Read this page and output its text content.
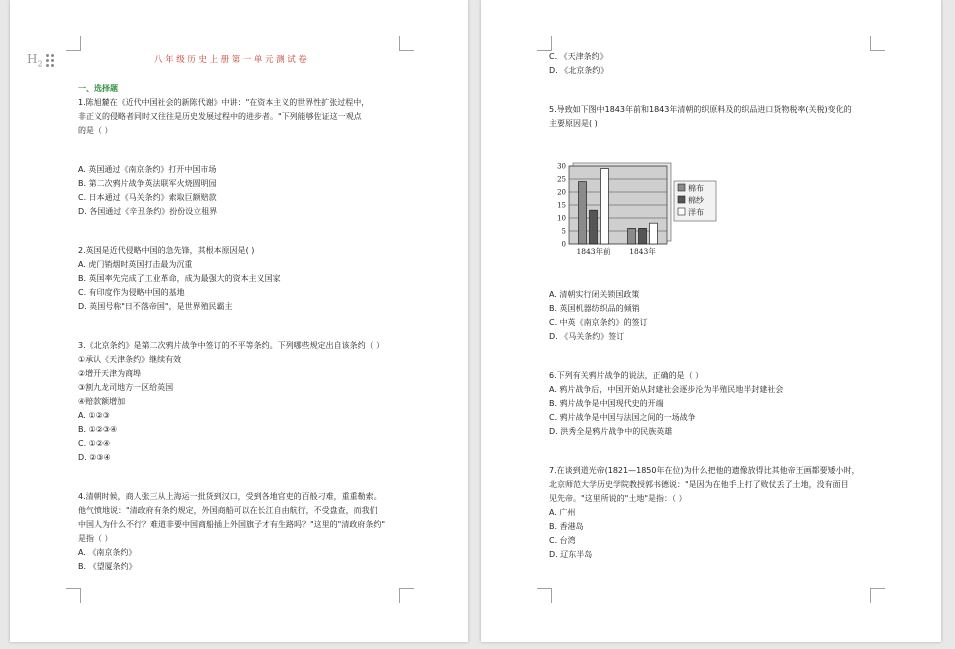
$H_2$	八年级历史上册第一单元测试卷
一、选择题
1.陈旭麓在《近代中国社会的新陈代谢》中讲："在资本主义的世界性扩张过程中，
非正义的侵略者同时又往往是历史发展过程中的进步者。"下列能够佐证这一观点
的是（ ）
A. 英国通过《南京条约》打开中国市场
B. 第二次鸦片战争英法联军火烧圆明园
C. 日本通过《马关条约》索取巨额赔款
D. 各国通过《辛丑条约》扮份设立租界
2.英国是近代侵略中国的急先锋，其根本原因是( )
A. 虎门销烟时英国打击最为沉重
B. 英国率先完成了工业革命，成为最强大的资本主义国家
C. 有印度作为侵略中国的基地
D. 英国号称"日不落帝国"，是世界殖民霸主
3.《北京条约》是第二次鸦片战争中签订的不平等条约。下列哪些规定出自该条约（ ）
①承认《天津条约》继续有效
②增开天津为商埠
③割九龙司地方一区给英国
④赔款额增加
A. ①②③
B. ①②③④
C. ①②④
D. ②③④
4.清朝时候，商人张三从上海运一批货到汉口，受到各地官吏的百般刁难，重重勒索。
他气愤地说："清政府有条约规定，外国商船可以在长江自由航行，不受盘查，而我们
中国人为什么不行？难道非要中国商船插上外国旗子才有生路吗？"这里的"清政府条约"
是指（ ）
A. 《南京条约》
B. 《望厦条约》
C. 《天津条约》
D. 《北京条约》
5.导致如下图中1843年前和1843年清朝的织原料及的织品进口货物税率(关税)变化的
主要原因是( )
0
5
10
15
20
25
30
1843年前 1843年
棉布
棉纱
洋布
A. 清朝实行闭关锁国政策
B. 英国机器纺织品的倾销
C. 中英《南京条约》的签订
D. 《马关条约》签订
6.下列有关鸦片战争的说法，正确的是（ ）
A. 鸦片战争后，中国开始从封建社会逐步沦为半殖民地半封建社会
B. 鸦片战争是中国现代史的开端
C. 鸦片战争是中国与法国之间的一场战争
D. 洪秀全是鸦片战争中的民族英雄
7.在谈到道光帝(1821—1850年在位)为什么把他的遗像放得比其他帝王画都要矮小时，
北京师范大学历史学院教授郭书德说："是因为在他手上打了败仗丢了土地，没有面目
见先帝。"这里所说的"土地"是指：（ ）
A. 广州
B. 香港岛
C. 台湾
D. 辽东半岛
